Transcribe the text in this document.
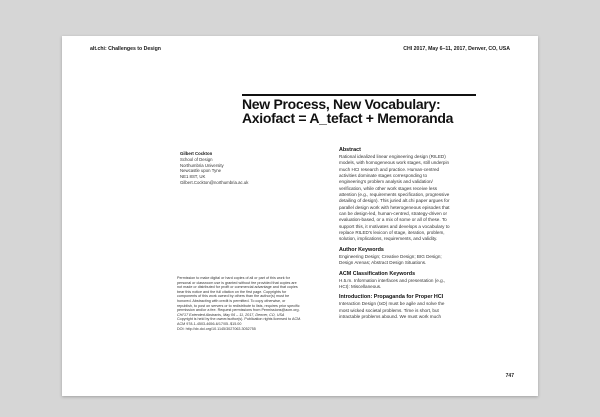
alt.chi: Challenges to Design	CHI 2017, May 6–11, 2017, Denver, CO, USA
New Process, New Vocabulary:
Axiofact = A_tefact + Memoranda
Gilbert Cockton
School of Design
Northumbria University
Newcastle upon Tyne
NE1 8ST, UK
Gilbert.Cockton@northumbria.ac.uk
Permission to make digital or hard copies of all or part of this work for
personal or classroom use is granted without fee provided that copies are
not made or distributed for profit or commercial advantage and that copies
bear this notice and the full citation on the first page. Copyrights for
components of this work owned by others than the author(s) must be
honored. Abstracting with credit is permitted. To copy otherwise, or
republish, to post on servers or to redistribute to lists, requires prior specific
permission and/or a fee. Request permissions from Permissions@acm.org.
CHI'17 Extended Abstracts, May 06 – 11, 2017, Denver, CO, USA
Copyright is held by the owner/author(s). Publication rights licensed to ACM.
ACM 978-1-4503-4656-6/17/05..$15.00
DOI: http://dx.doi.org/10.1145/3027063.3052755
Abstract
Rational idealized linear engineering design (RILED)
models, with homogeneous work stages, still underpin
much HCI research and practice. Human-centred
activities dominate stages corresponding to
engineering's problem analysis and validation/
verification, while other work stages receive less
attention (e.g., requirements specification, progressive
detailing of design). This juried alt.chi paper argues for
parallel design work with heterogeneous episodes that
can be design-led, human-centred, strategy-driven or
evaluation-based, or a mix of some or all of these. To
support this, it motivates and develops a vocabulary to
replace RILED's lexicon of stage, iteration, problem,
solution, implications, requirements, and validity.
Author Keywords
Engineering Design; Creative Design; BIG Design;
Design Arenas; Abstract Design Situations.
ACM Classification Keywords
H.5.m. Information interfaces and presentation (e.g.,
HCI): Miscellaneous.
Introduction: Propaganda for Proper HCI
Interaction Design (IxD) must be agile and solve the
most wicked societal problems. Time is short, but
intractable problems abound. We must work much
747
